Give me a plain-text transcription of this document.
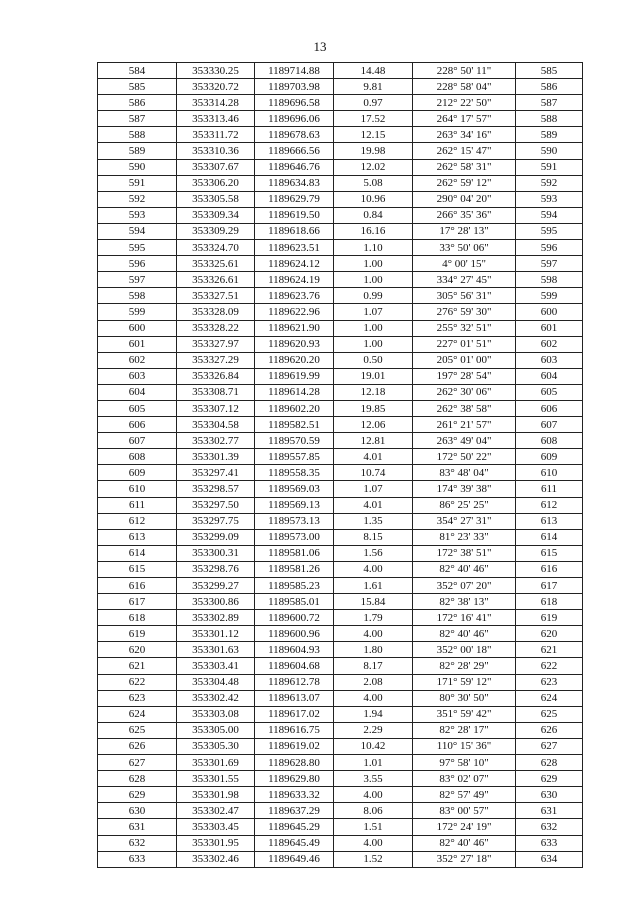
13
584	353330.25	1189714.88	14.48	228° 50' 11"	585
585	353320.72	1189703.98	9.81	228° 58' 04"	586
586	353314.28	1189696.58	0.97	212° 22' 50"	587
587	353313.46	1189696.06	17.52	264° 17' 57"	588
588	353311.72	1189678.63	12.15	263° 34' 16"	589
589	353310.36	1189666.56	19.98	262° 15' 47"	590
590	353307.67	1189646.76	12.02	262° 58' 31"	591
591	353306.20	1189634.83	5.08	262° 59' 12"	592
592	353305.58	1189629.79	10.96	290° 04' 20"	593
593	353309.34	1189619.50	0.84	266° 35' 36"	594
594	353309.29	1189618.66	16.16	17° 28' 13"	595
595	353324.70	1189623.51	1.10	33° 50' 06"	596
596	353325.61	1189624.12	1.00	4° 00' 15"	597
597	353326.61	1189624.19	1.00	334° 27' 45"	598
598	353327.51	1189623.76	0.99	305° 56' 31"	599
599	353328.09	1189622.96	1.07	276° 59' 30"	600
600	353328.22	1189621.90	1.00	255° 32' 51"	601
601	353327.97	1189620.93	1.00	227° 01' 51"	602
602	353327.29	1189620.20	0.50	205° 01' 00"	603
603	353326.84	1189619.99	19.01	197° 28' 54"	604
604	353308.71	1189614.28	12.18	262° 30' 06"	605
605	353307.12	1189602.20	19.85	262° 38' 58"	606
606	353304.58	1189582.51	12.06	261° 21' 57"	607
607	353302.77	1189570.59	12.81	263° 49' 04"	608
608	353301.39	1189557.85	4.01	172° 50' 22"	609
609	353297.41	1189558.35	10.74	83° 48' 04"	610
610	353298.57	1189569.03	1.07	174° 39' 38"	611
611	353297.50	1189569.13	4.01	86° 25' 25"	612
612	353297.75	1189573.13	1.35	354° 27' 31"	613
613	353299.09	1189573.00	8.15	81° 23' 33"	614
614	353300.31	1189581.06	1.56	172° 38' 51"	615
615	353298.76	1189581.26	4.00	82° 40' 46"	616
616	353299.27	1189585.23	1.61	352° 07' 20"	617
617	353300.86	1189585.01	15.84	82° 38' 13"	618
618	353302.89	1189600.72	1.79	172° 16' 41"	619
619	353301.12	1189600.96	4.00	82° 40' 46"	620
620	353301.63	1189604.93	1.80	352° 00' 18"	621
621	353303.41	1189604.68	8.17	82° 28' 29"	622
622	353304.48	1189612.78	2.08	171° 59' 12"	623
623	353302.42	1189613.07	4.00	80° 30' 50"	624
624	353303.08	1189617.02	1.94	351° 59' 42"	625
625	353305.00	1189616.75	2.29	82° 28' 17"	626
626	353305.30	1189619.02	10.42	110° 15' 36"	627
627	353301.69	1189628.80	1.01	97° 58' 10"	628
628	353301.55	1189629.80	3.55	83° 02' 07"	629
629	353301.98	1189633.32	4.00	82° 57' 49"	630
630	353302.47	1189637.29	8.06	83° 00' 57"	631
631	353303.45	1189645.29	1.51	172° 24' 19"	632
632	353301.95	1189645.49	4.00	82° 40' 46"	633
633	353302.46	1189649.46	1.52	352° 27' 18"	634
